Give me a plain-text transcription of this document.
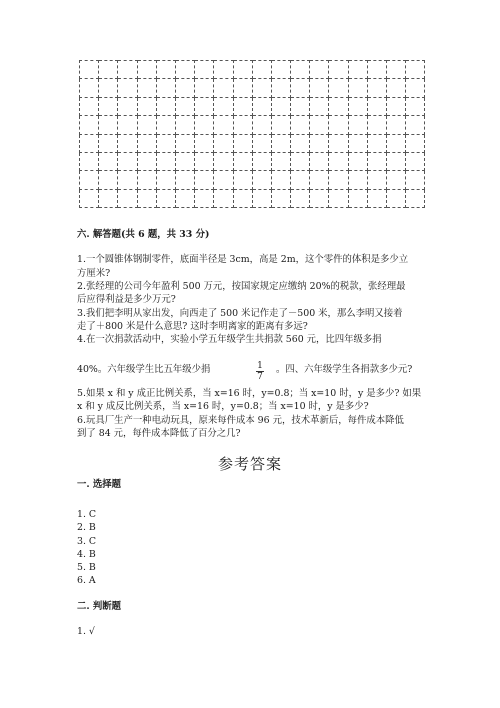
六. 解答题(共 6 题，共 33 分)
1.一个圆锥体钢制零件，底面半径是 3cm，高是 2m，这个零件的体积是多少立
方厘米?
2.张经理的公司今年盈利 500 万元，按国家规定应缴纳 20%的税款，张经理最
后应得利益是多少万元?
3.我们把李明从家出发，向西走了 500 米记作走了－500 米，那么李明又接着
走了＋800 米是什么意思? 这时李明离家的距离有多远?
4.在一次捐款活动中，实验小学五年级学生共捐款 560 元，比四年级多捐
40%。六年级学生比五年级少捐	$\frac{1}{7}$ 。四、六年级学生各捐款多少元?
5.如果 x 和 y 成正比例关系，当 x=16 时，y=0.8；当 x=10 时，y 是多少? 如果
x 和 y 成反比例关系，当 x=16 时，y=0.8；当 x=10 时，y 是多少?
6.玩具厂生产一种电动玩具，原来每件成本 96 元，技术革新后，每件成本降低
到了 84 元，每件成本降低了百分之几?
参考答案
一. 选择题
1. C
2. B
3. C
4. B
5. B
6. A
二. 判断题
1. √
